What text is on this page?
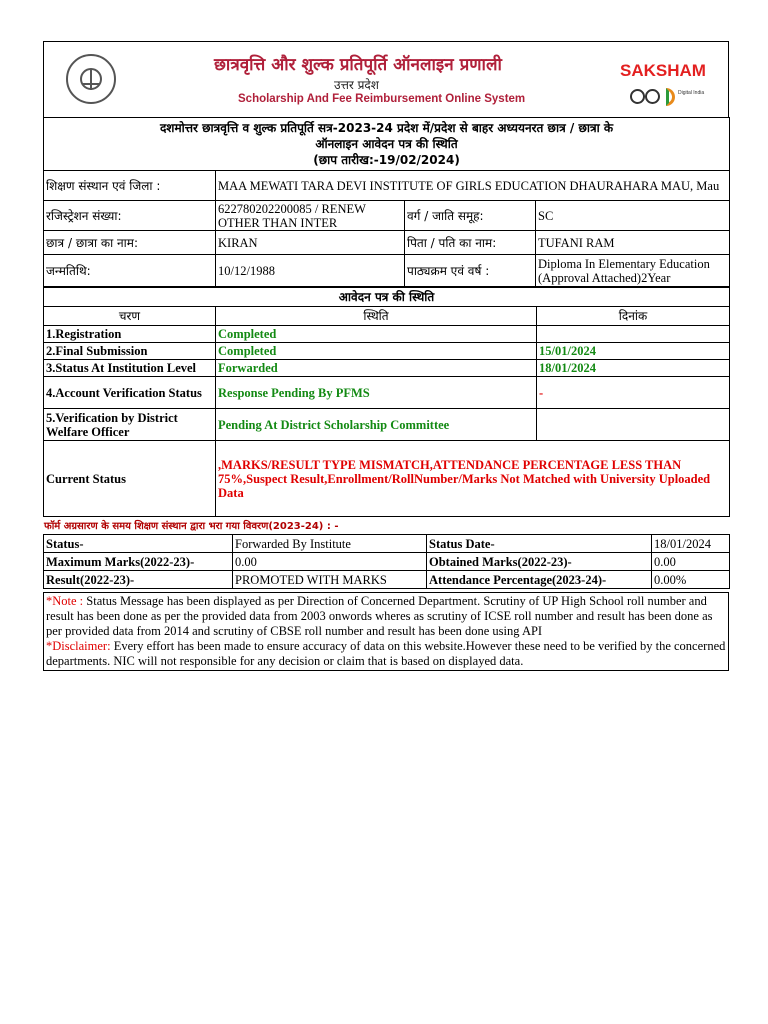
छात्रवृत्ति और शुल्क प्रतिपूर्ति ऑनलाइन प्रणाली
उत्तर प्रदेश
Scholarship And Fee Reimbursement Online System
SAKSHAM
Digital India
दशमोत्तर छात्रवृत्ति व शुल्क प्रतिपूर्ति सत्र-2023-24 प्रदेश में/प्रदेश से बाहर अध्ययनरत छात्र / छात्रा के
ऑनलाइन आवेदन पत्र की स्थिति
(छाप तारीख:-19/02/2024)			

शिक्षण संस्थान एवं जिला :	MAA MEWATI TARA DEVI INSTITUTE OF GIRLS EDUCATION DHAURAHARA MAU, Mau		
रजिस्ट्रेशन संख्या:	622780202200085 / RENEW OTHER THAN INTER	वर्ग / जाति समूह:	SC
छात्र / छात्रा का नाम:	KIRAN	पिता / पति का नाम:	TUFANI RAM
जन्मतिथि:	10/12/1988	पाठ्यक्रम एवं वर्ष :	Diploma In Elementary Education (Approval Attached)2Year
आवेदन पत्र की स्थिति		
चरण	स्थिति	दिनांक
1.Registration	Completed	
2.Final Submission	Completed	15/01/2024
3.Status At Institution Level	Forwarded	18/01/2024
4.Account Verification Status	Response Pending By PFMS	-
5.Verification by District Welfare Officer	Pending At District Scholarship Committee	
Current Status	,MARKS/RESULT TYPE MISMATCH,ATTENDANCE PERCENTAGE LESS THAN 75%,Suspect Result,Enrollment/RollNumber/Marks Not Matched with University Uploaded Data	
फॉर्म अग्रसारण के समय शिक्षण संस्थान द्वारा भरा गया विवरण(2023-24) : -
Status-	Forwarded By Institute	Status Date-	18/01/2024
Maximum Marks(2022-23)-	0.00	Obtained Marks(2022-23)-	0.00
Result(2022-23)-	PROMOTED WITH MARKS	Attendance Percentage(2023-24)-	0.00%
*Note : Status Message has been displayed as per Direction of Concerned Department. Scrutiny of UP High School roll number and result has been done as per the provided data from 2003 onwords wheres as scrutiny of ICSE roll number and result has been done as per provided data from 2014 and scrutiny of CBSE roll number and result has been done using API
*Disclaimer: Every effort has been made to ensure accuracy of data on this website.However these need to be verified by the concerned departments. NIC will not responsible for any decision or claim that is based on displayed data.
